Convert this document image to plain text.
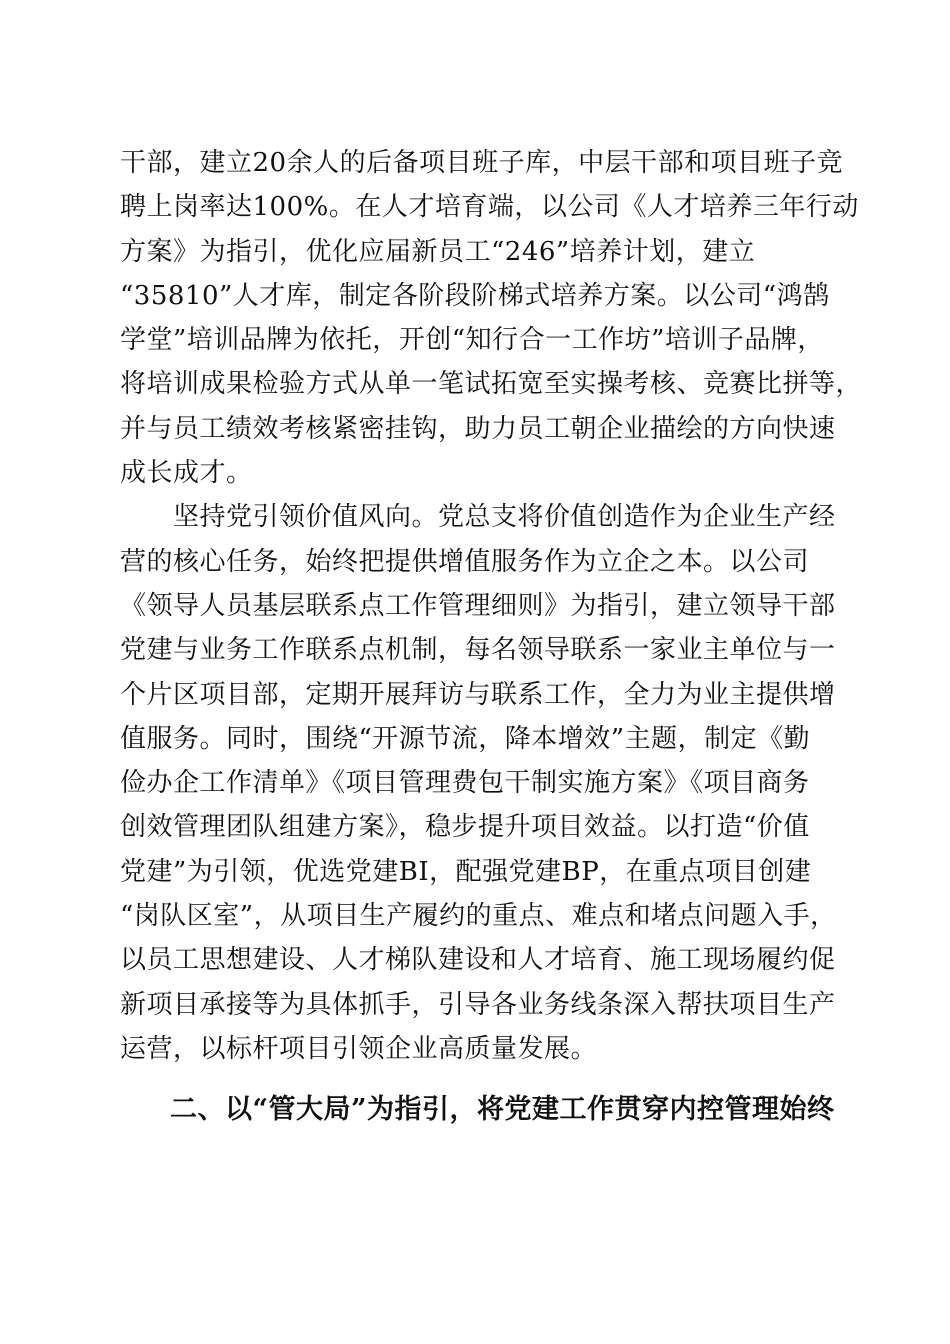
干部，建立20余人的后备项目班子库，中层干部和项目班子竞
聘上岗率达100%。在人才培育端，以公司《人才培养三年行动
方案》为指引，优化应届新员工“246”培养计划，建立
“35810”人才库，制定各阶段阶梯式培养方案。以公司“鸿鹄
学堂”培训品牌为依托，开创“知行合一工作坊”培训子品牌，
将培训成果检验方式从单一笔试拓宽至实操考核、竞赛比拼等，
并与员工绩效考核紧密挂钩，助力员工朝企业描绘的方向快速
成长成才。
　　坚持党引领价值风向。党总支将价值创造作为企业生产经
营的核心任务，始终把提供增值服务作为立企之本。以公司
《领导人员基层联系点工作管理细则》为指引，建立领导干部
党建与业务工作联系点机制，每名领导联系一家业主单位与一
个片区项目部，定期开展拜访与联系工作，全力为业主提供增
值服务。同时，围绕“开源节流，降本增效”主题，制定《勤
俭办企工作清单》《项目管理费包干制实施方案》《项目商务
创效管理团队组建方案》，稳步提升项目效益。以打造“价值
党建”为引领，优选党建BI，配强党建BP，在重点项目创建
“岗队区室”，从项目生产履约的重点、难点和堵点问题入手，
以员工思想建设、人才梯队建设和人才培育、施工现场履约促
新项目承接等为具体抓手，引导各业务线条深入帮扶项目生产
运营，以标杆项目引领企业高质量发展。
二、以“管大局”为指引，将党建工作贯穿内控管理始终
